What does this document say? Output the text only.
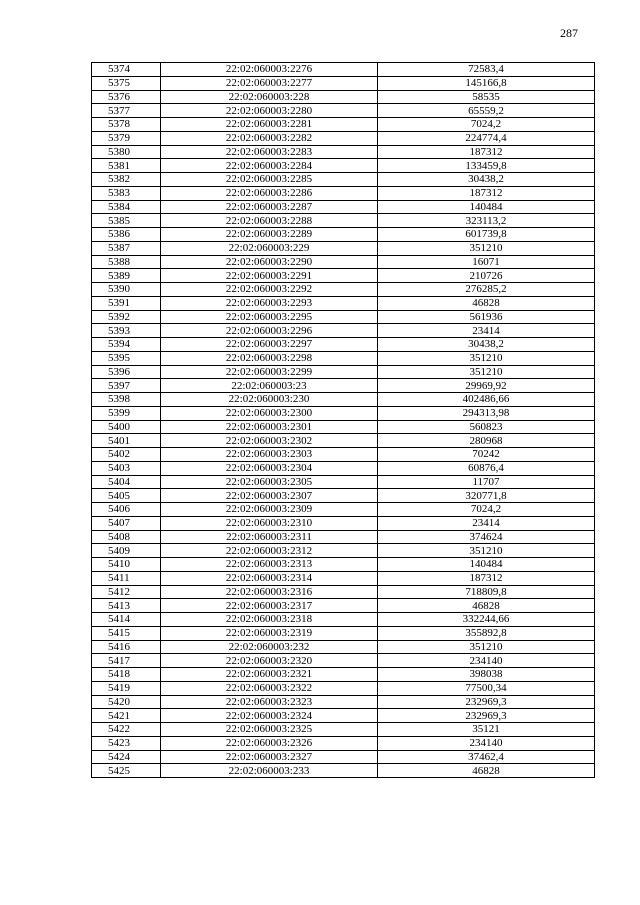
287
5374	22:02:060003:2276	72583,4
5375	22:02:060003:2277	145166,8
5376	22:02:060003:228	58535
5377	22:02:060003:2280	65559,2
5378	22:02:060003:2281	7024,2
5379	22:02:060003:2282	224774,4
5380	22:02:060003:2283	187312
5381	22:02:060003:2284	133459,8
5382	22:02:060003:2285	30438,2
5383	22:02:060003:2286	187312
5384	22:02:060003:2287	140484
5385	22:02:060003:2288	323113,2
5386	22:02:060003:2289	601739,8
5387	22:02:060003:229	351210
5388	22:02:060003:2290	16071
5389	22:02:060003:2291	210726
5390	22:02:060003:2292	276285,2
5391	22:02:060003:2293	46828
5392	22:02:060003:2295	561936
5393	22:02:060003:2296	23414
5394	22:02:060003:2297	30438,2
5395	22:02:060003:2298	351210
5396	22:02:060003:2299	351210
5397	22:02:060003:23	29969,92
5398	22:02:060003:230	402486,66
5399	22:02:060003:2300	294313,98
5400	22:02:060003:2301	560823
5401	22:02:060003:2302	280968
5402	22:02:060003:2303	70242
5403	22:02:060003:2304	60876,4
5404	22:02:060003:2305	11707
5405	22:02:060003:2307	320771,8
5406	22:02:060003:2309	7024,2
5407	22:02:060003:2310	23414
5408	22:02:060003:2311	374624
5409	22:02:060003:2312	351210
5410	22:02:060003:2313	140484
5411	22:02:060003:2314	187312
5412	22:02:060003:2316	718809,8
5413	22:02:060003:2317	46828
5414	22:02:060003:2318	332244,66
5415	22:02:060003:2319	355892,8
5416	22:02:060003:232	351210
5417	22:02:060003:2320	234140
5418	22:02:060003:2321	398038
5419	22:02:060003:2322	77500,34
5420	22:02:060003:2323	232969,3
5421	22:02:060003:2324	232969,3
5422	22:02:060003:2325	35121
5423	22:02:060003:2326	234140
5424	22:02:060003:2327	37462,4
5425	22:02:060003:233	46828
